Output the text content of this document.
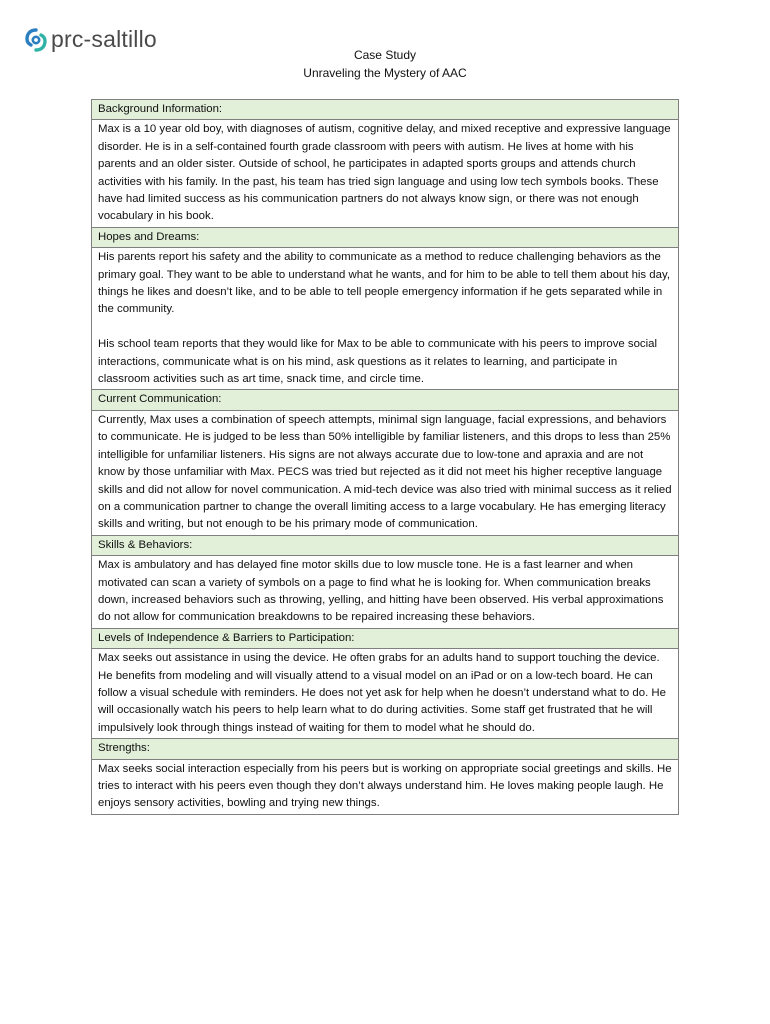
prc-saltillo
Case Study
Unraveling the Mystery of AAC
Background Information:

Max is a 10 year old boy, with diagnoses of autism, cognitive delay, and mixed receptive and expressive language disorder. He is in a self-contained fourth grade classroom with peers with autism. He lives at home with his parents and an older sister. Outside of school, he participates in adapted sports groups and attends church activities with his family. In the past, his team has tried sign language and using low tech symbols books. These have had limited success as his communication partners do not always know sign, or there was not enough vocabulary in his book.

Hopes and Dreams:

His parents report his safety and the ability to communicate as a method to reduce challenging behaviors as the primary goal. They want to be able to understand what he wants, and for him to be able to tell them about his day, things he likes and doesn’t like, and to be able to tell people emergency information if he gets separated while in the community.

His school team reports that they would like for Max to be able to communicate with his peers to improve social interactions, communicate what is on his mind, ask questions as it relates to learning, and participate in classroom activities such as art time, snack time, and circle time.

Current Communication:

Currently, Max uses a combination of speech attempts, minimal sign language, facial expressions, and behaviors to communicate. He is judged to be less than 50% intelligible by familiar listeners, and this drops to less than 25% intelligible for unfamiliar listeners. His signs are not always accurate due to low-tone and apraxia and are not know by those unfamiliar with Max. PECS was tried but rejected as it did not meet his higher receptive language skills and did not allow for novel communication. A mid-tech device was also tried with minimal success as it relied on a communication partner to change the overall limiting access to a large vocabulary. He has emerging literacy skills and writing, but not enough to be his primary mode of communication.

Skills & Behaviors:

Max is ambulatory and has delayed fine motor skills due to low muscle tone. He is a fast learner and when motivated can scan a variety of symbols on a page to find what he is looking for. When communication breaks down, increased behaviors such as throwing, yelling, and hitting have been observed. His verbal approximations do not allow for communication breakdowns to be repaired increasing these behaviors.

Levels of Independence & Barriers to Participation:

Max seeks out assistance in using the device. He often grabs for an adults hand to support touching the device. He benefits from modeling and will visually attend to a visual model on an iPad or on a low-tech board. He can follow a visual schedule with reminders. He does not yet ask for help when he doesn’t understand what to do. He will occasionally watch his peers to help learn what to do during activities. Some staff get frustrated that he will impulsively look through things instead of waiting for them to model what he should do.

Strengths:

Max seeks social interaction especially from his peers but is working on appropriate social greetings and skills. He tries to interact with his peers even though they don’t always understand him. He loves making people laugh. He enjoys sensory activities, bowling and trying new things.
